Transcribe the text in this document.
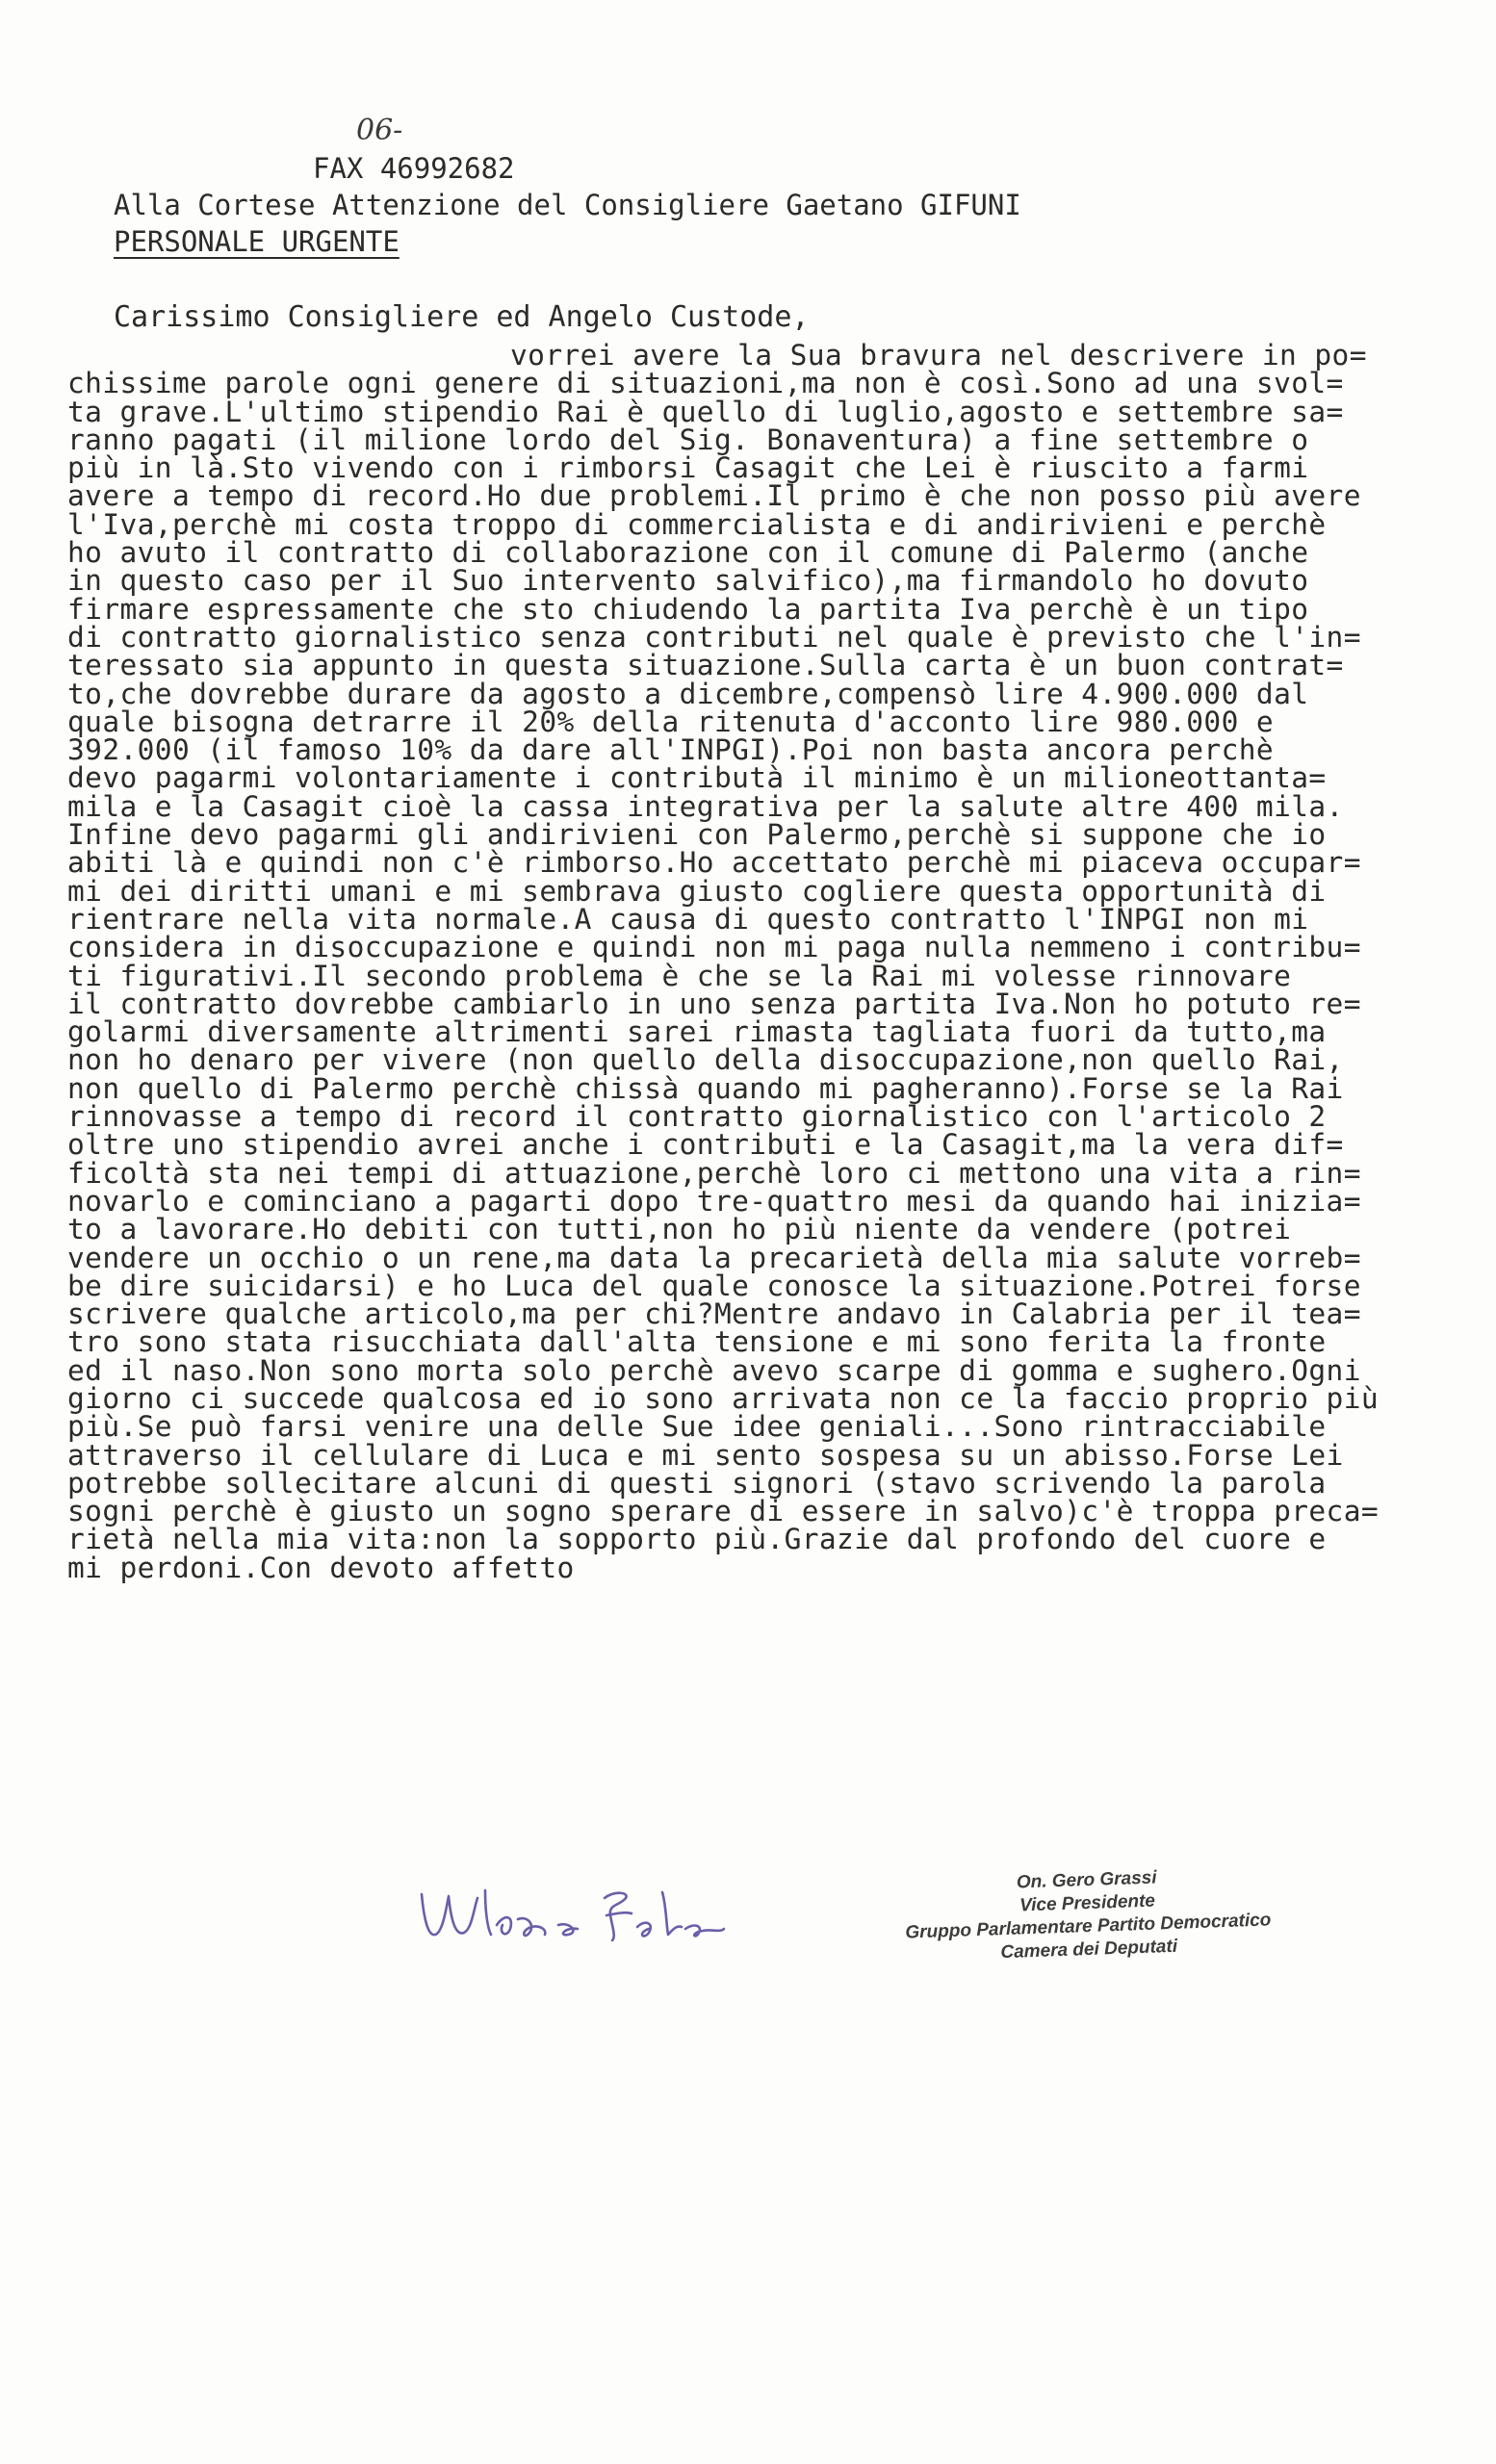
06-
FAX 46992682
Alla Cortese Attenzione del Consigliere Gaetano GIFUNI
PERSONALE URGENTE
Carissimo Consigliere ed Angelo Custode,
vorrei avere la Sua bravura nel descrivere in po=
chissime parole ogni genere di situazioni,ma non è così.Sono ad una svol=
ta grave.L'ultimo stipendio Rai è quello di luglio,agosto e settembre sa=
ranno pagati (il milione lordo del Sig. Bonaventura) a fine settembre o
più in là.Sto vivendo con i rimborsi Casagit che Lei è riuscito a farmi
avere a tempo di record.Ho due problemi.Il primo è che non posso più avere
l'Iva,perchè mi costa troppo di commercialista e di andirivieni e perchè
ho avuto il contratto di collaborazione con il comune di Palermo (anche
in questo caso per il Suo intervento salvifico),ma firmandolo ho dovuto
firmare espressamente che sto chiudendo la partita Iva perchè è un tipo
di contratto giornalistico senza contributi nel quale è previsto che l'in=
teressato sia appunto in questa situazione.Sulla carta è un buon contrat=
to,che dovrebbe durare da agosto a dicembre,compensò lire 4.900.000 dal
quale bisogna detrarre il 20% della ritenuta d'acconto lire 980.000 e
392.000 (il famoso 10% da dare all'INPGI).Poi non basta ancora perchè
devo pagarmi volontariamente i contributà il minimo è un milioneottanta=
mila e la Casagit cioè la cassa integrativa per la salute altre 400 mila.
Infine devo pagarmi gli andirivieni con Palermo,perchè si suppone che io
abiti là e quindi non c'è rimborso.Ho accettato perchè mi piaceva occupar=
mi dei diritti umani e mi sembrava giusto cogliere questa opportunità di
rientrare nella vita normale.A causa di questo contratto l'INPGI non mi
considera in disoccupazione e quindi non mi paga nulla nemmeno i contribu=
ti figurativi.Il secondo problema è che se la Rai mi volesse rinnovare
il contratto dovrebbe cambiarlo in uno senza partita Iva.Non ho potuto re=
golarmi diversamente altrimenti sarei rimasta tagliata fuori da tutto,ma
non ho denaro per vivere (non quello della disoccupazione,non quello Rai,
non quello di Palermo perchè chissà quando mi pagheranno).Forse se la Rai
rinnovasse a tempo di record il contratto giornalistico con l'articolo 2
oltre uno stipendio avrei anche i contributi e la Casagit,ma la vera dif=
ficoltà sta nei tempi di attuazione,perchè loro ci mettono una vita a rin=
novarlo e cominciano a pagarti dopo tre-quattro mesi da quando hai inizia=
to a lavorare.Ho debiti con tutti,non ho più niente da vendere (potrei
vendere un occhio o un rene,ma data la precarietà della mia salute vorreb=
be dire suicidarsi) e ho Luca del quale conosce la situazione.Potrei forse
scrivere qualche articolo,ma per chi?Mentre andavo in Calabria per il tea=
tro sono stata risucchiata dall'alta tensione e mi sono ferita la fronte
ed il naso.Non sono morta solo perchè avevo scarpe di gomma e sughero.Ogni
giorno ci succede qualcosa ed io sono arrivata non ce la faccio proprio più
più.Se può farsi venire una delle Sue idee geniali...Sono rintracciabile
attraverso il cellulare di Luca e mi sento sospesa su un abisso.Forse Lei
potrebbe sollecitare alcuni di questi signori (stavo scrivendo la parola
sogni perchè è giusto un sogno sperare di essere in salvo)c'è troppa preca=
rietà nella mia vita:non la sopporto più.Grazie dal profondo del cuore e
mi perdoni.Con devoto affetto
On. Gero Grassi
Vice Presidente
Gruppo Parlamentare Partito Democratico
Camera dei Deputati
